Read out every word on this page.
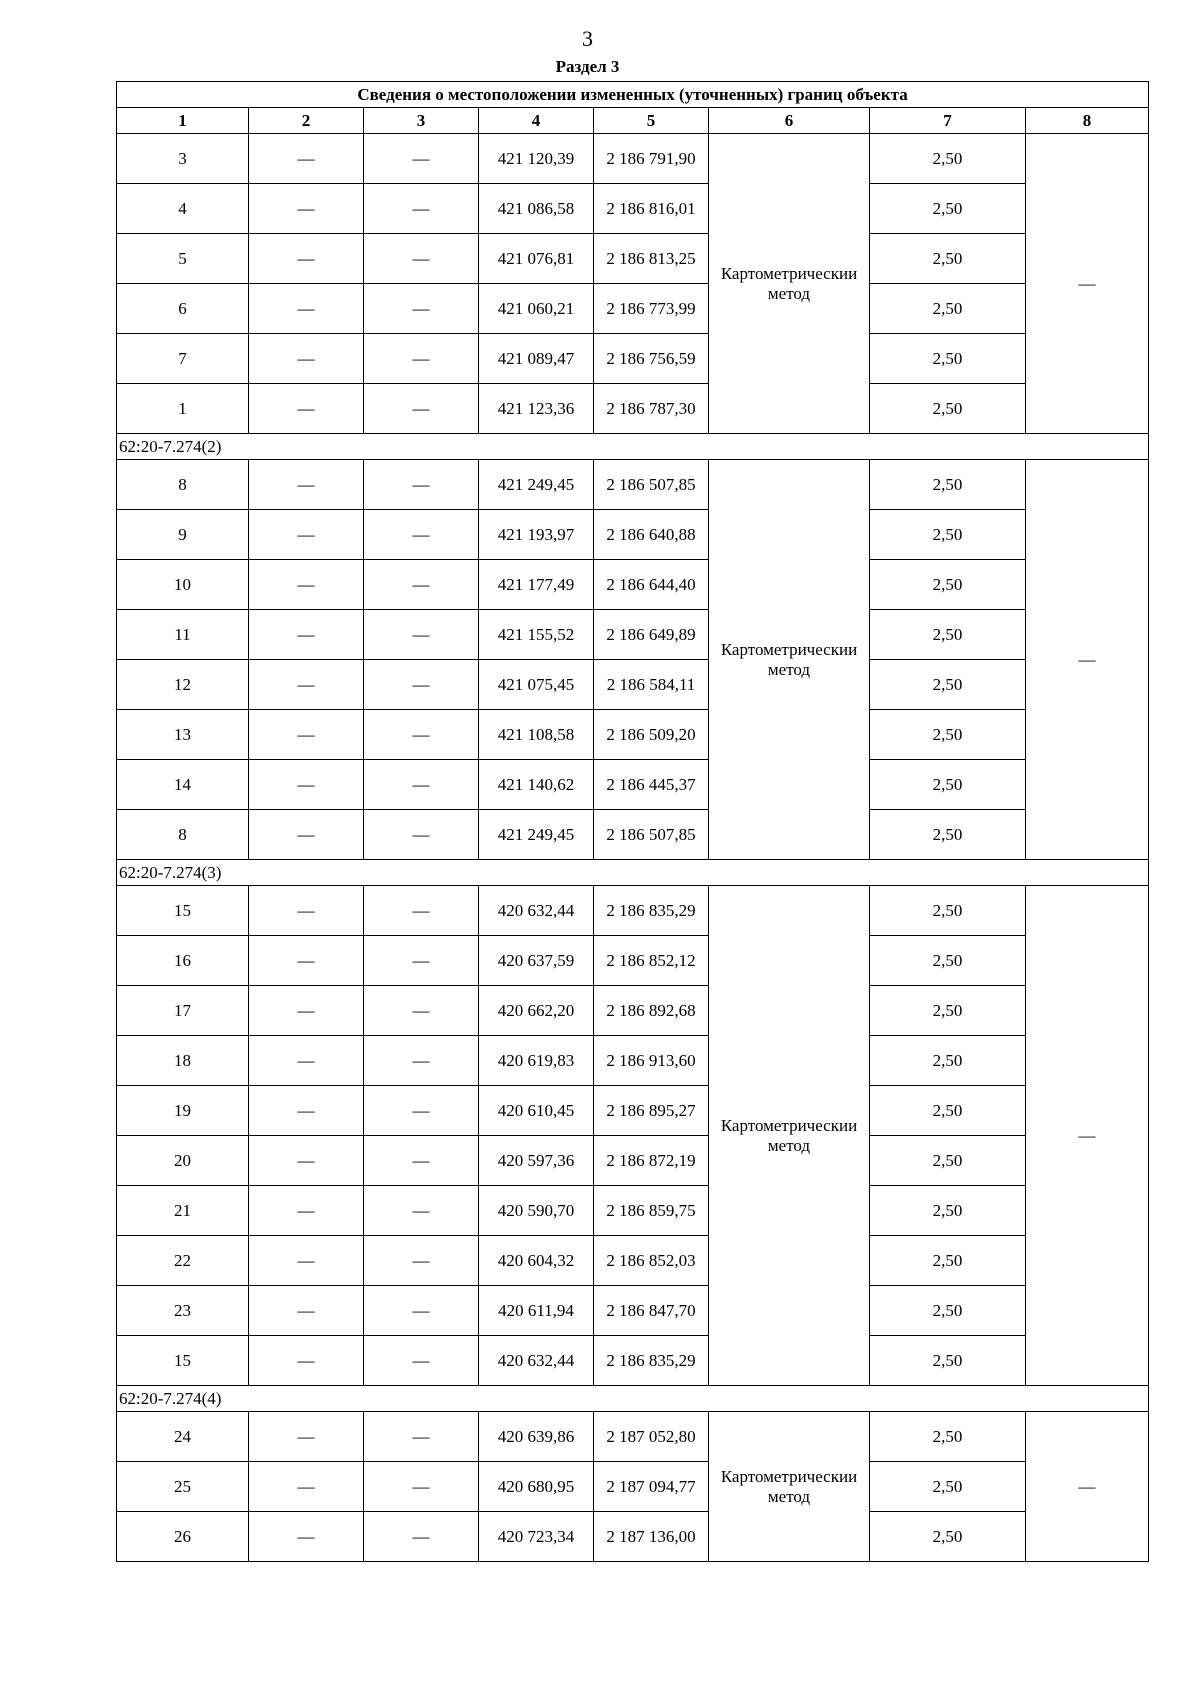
3
Раздел 3
Сведения о местоположении измененных (уточненных) границ объекта							
1	2	3	4	5	6	7	8
3	—	—	421 120,39	2 186 791,90	Картометрическии метод	2,50	—
4	—	—	421 086,58	2 186 816,01		2,50	
5	—	—	421 076,81	2 186 813,25		2,50	
6	—	—	421 060,21	2 186 773,99		2,50	
7	—	—	421 089,47	2 186 756,59		2,50	
1	—	—	421 123,36	2 186 787,30		2,50	
62:20-7.274(2)							
8	—	—	421 249,45	2 186 507,85	Картометрическии метод	2,50	—
9	—	—	421 193,97	2 186 640,88		2,50	
10	—	—	421 177,49	2 186 644,40		2,50	
11	—	—	421 155,52	2 186 649,89		2,50	
12	—	—	421 075,45	2 186 584,11		2,50	
13	—	—	421 108,58	2 186 509,20		2,50	
14	—	—	421 140,62	2 186 445,37		2,50	
8	—	—	421 249,45	2 186 507,85		2,50	
62:20-7.274(3)							
15	—	—	420 632,44	2 186 835,29	Картометрическии метод	2,50	—
16	—	—	420 637,59	2 186 852,12		2,50	
17	—	—	420 662,20	2 186 892,68		2,50	
18	—	—	420 619,83	2 186 913,60		2,50	
19	—	—	420 610,45	2 186 895,27		2,50	
20	—	—	420 597,36	2 186 872,19		2,50	
21	—	—	420 590,70	2 186 859,75		2,50	
22	—	—	420 604,32	2 186 852,03		2,50	
23	—	—	420 611,94	2 186 847,70		2,50	
15	—	—	420 632,44	2 186 835,29		2,50	
62:20-7.274(4)							
24	—	—	420 639,86	2 187 052,80	Картометрическии метод	2,50	—
25	—	—	420 680,95	2 187 094,77		2,50	
26	—	—	420 723,34	2 187 136,00		2,50	
